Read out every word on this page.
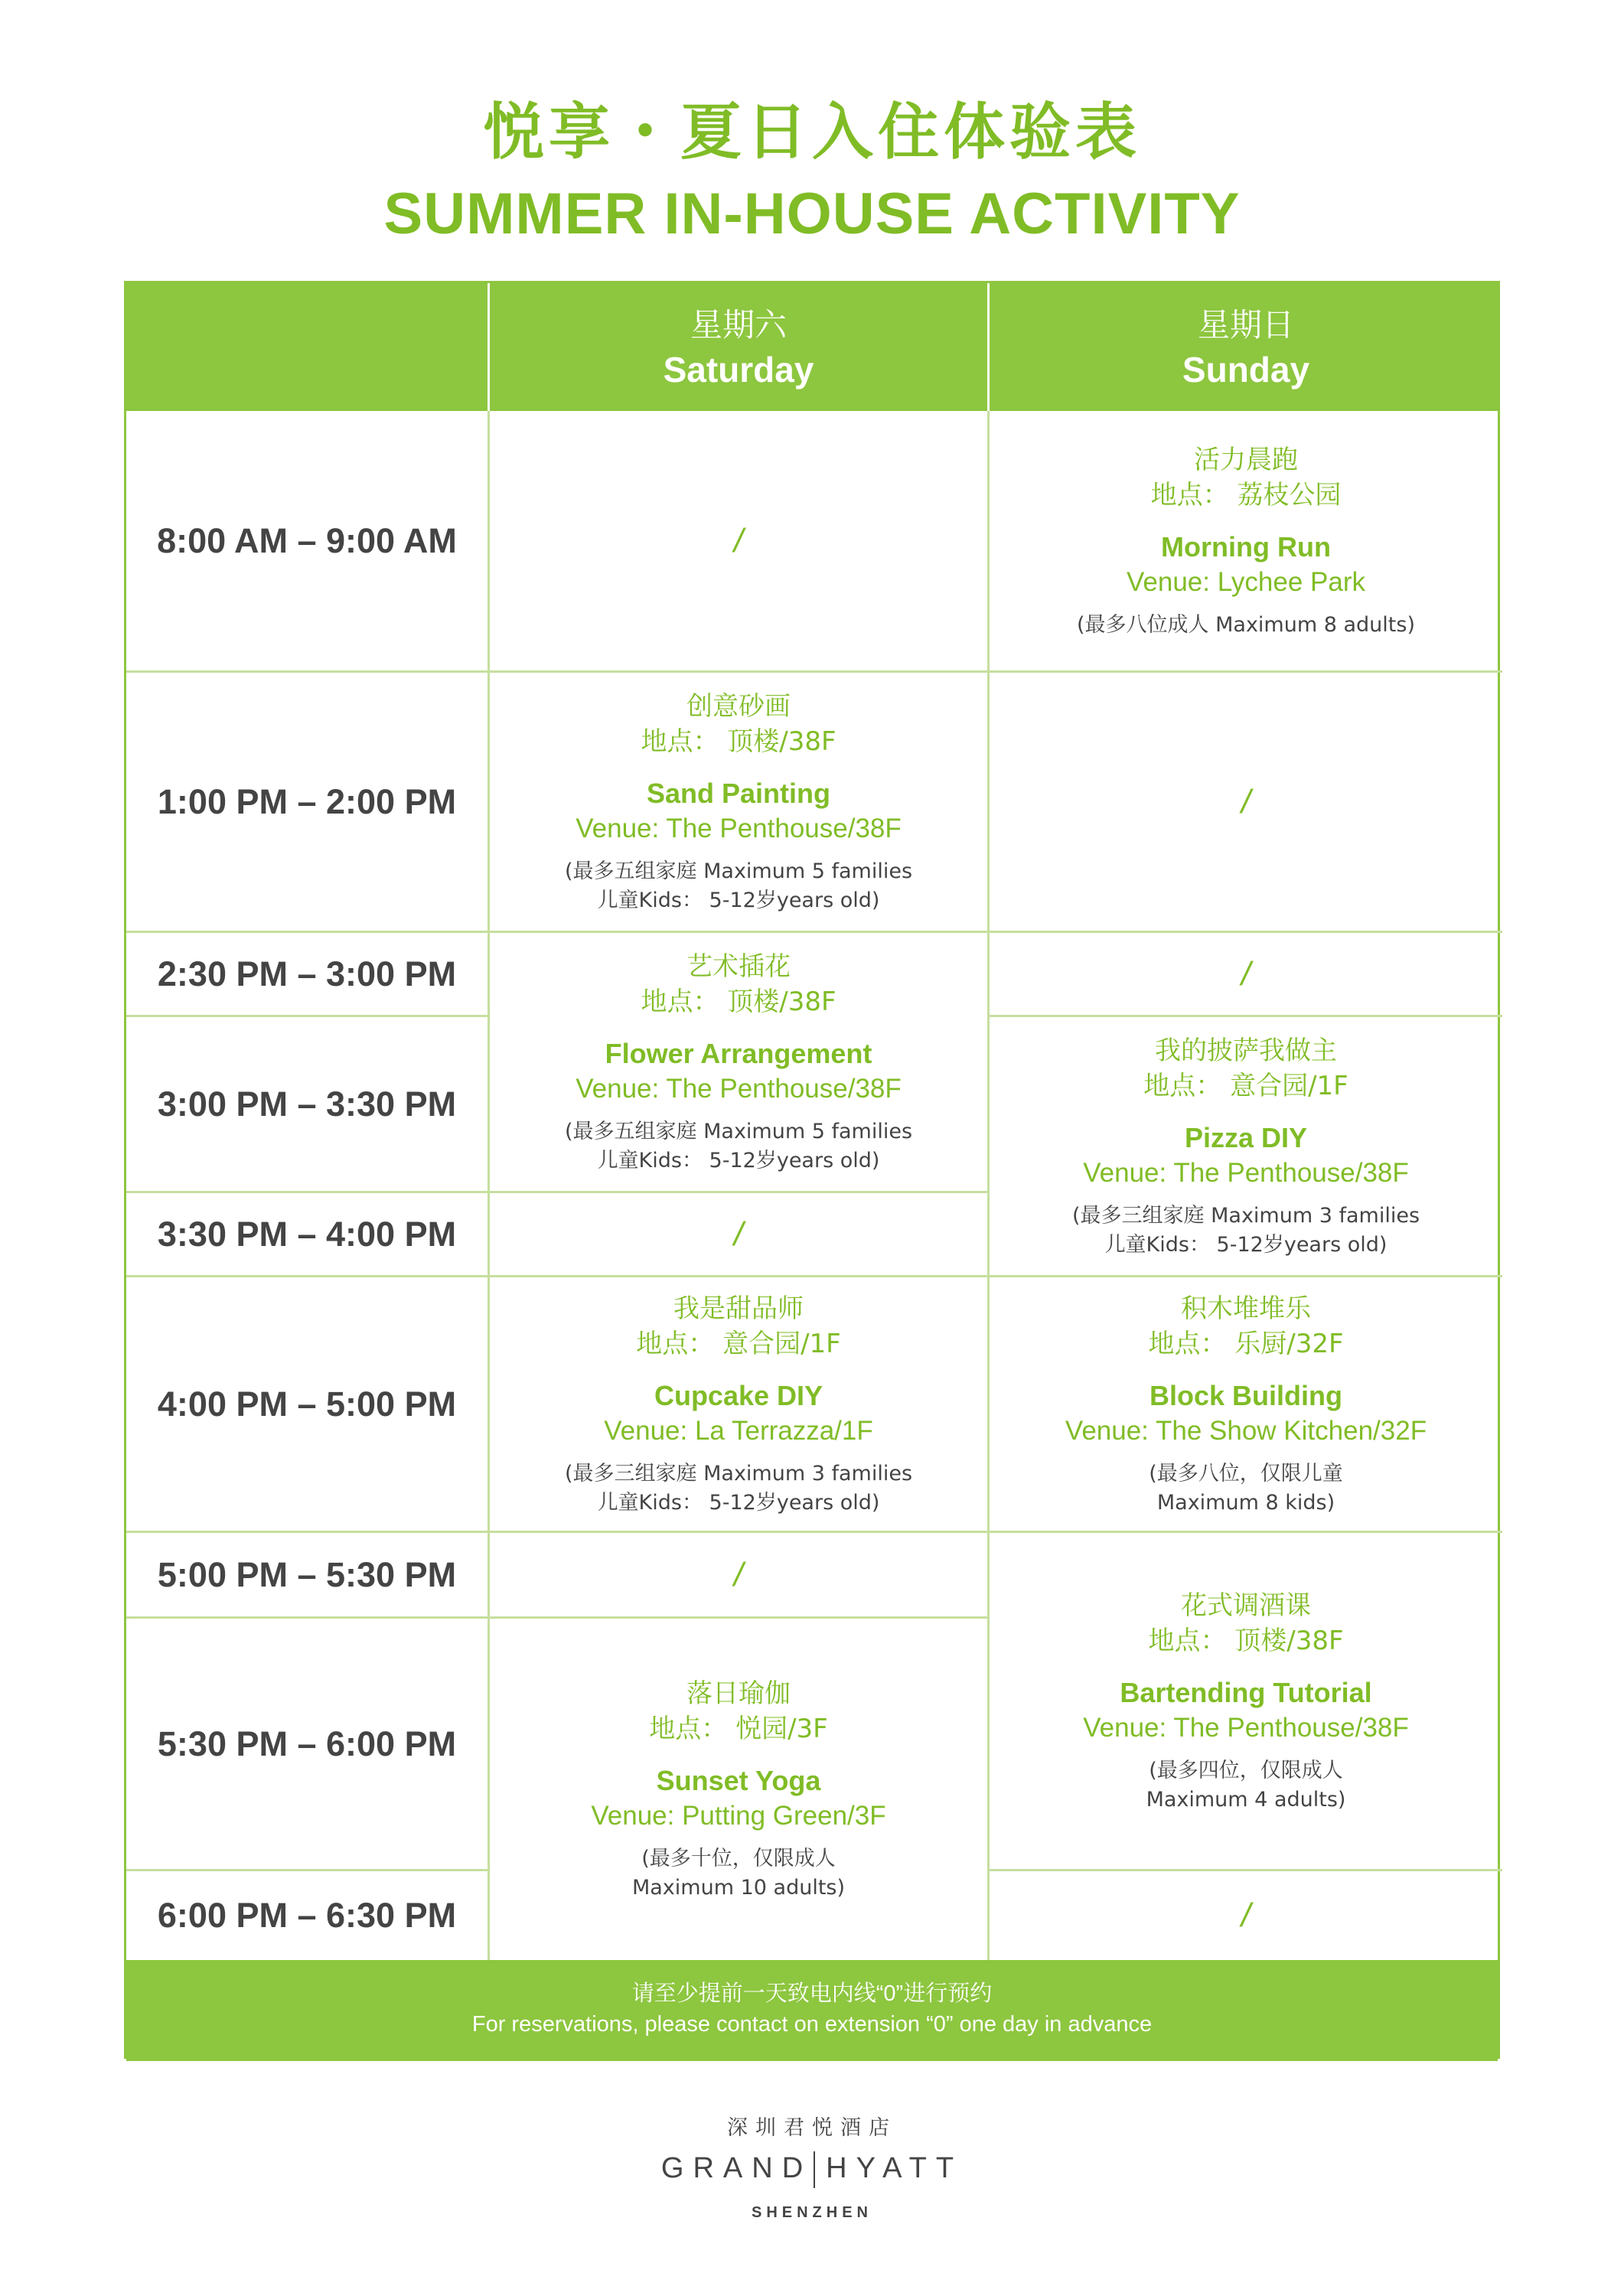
悦享・夏日入住体验表
SUMMER IN-HOUSE ACTIVITY
星期六
Saturday
星期日
Sunday
8:00 AM – 9:00 AM
1:00 PM – 2:00 PM
2:30 PM – 3:00 PM
3:00 PM – 3:30 PM
3:30 PM – 4:00 PM
4:00 PM – 5:00 PM
5:00 PM – 5:30 PM
5:30 PM – 6:00 PM
6:00 PM – 6:30 PM
/
创意砂画
地点： 顶楼/38F
Sand Painting
Venue: The Penthouse/38F
(最多五组家庭 Maximum 5 families
儿童Kids： 5-12岁years old)
艺术插花
地点： 顶楼/38F
Flower Arrangement
Venue: The Penthouse/38F
(最多五组家庭 Maximum 5 families
儿童Kids： 5-12岁years old)
/
我是甜品师
地点： 意合园/1F
Cupcake DIY
Venue: La Terrazza/1F
(最多三组家庭 Maximum 3 families
儿童Kids： 5-12岁years old)
/
落日瑜伽
地点： 悦园/3F
Sunset Yoga
Venue: Putting Green/3F
(最多十位，仅限成人
Maximum 10 adults)
活力晨跑
地点： 荔枝公园
Morning Run
Venue: Lychee Park
(最多八位成人 Maximum 8 adults)
/
/
我的披萨我做主
地点： 意合园/1F
Pizza DIY
Venue: The Penthouse/38F
(最多三组家庭 Maximum 3 families
儿童Kids： 5-12岁years old)
积木堆堆乐
地点： 乐厨/32F
Block Building
Venue: The Show Kitchen/32F
(最多八位，仅限儿童
Maximum 8 kids)
花式调酒课
地点： 顶楼/38F
Bartending Tutorial
Venue: The Penthouse/38F
(最多四位，仅限成人
Maximum 4 adults)
/
请至少提前一天致电内线“0”进行预约
For reservations, please contact on extension “0” one day in advance
深圳君悦酒店
GRAND HYATT
SHENZHEN
